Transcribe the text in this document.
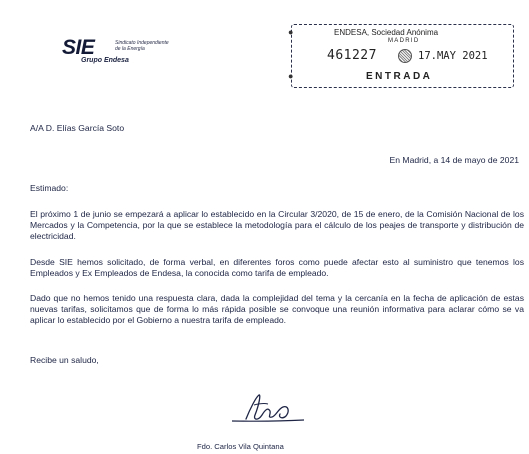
SIE	Sindicato Independiente de la Energía
Grupo Endesa
●
●
ENDESA, Sociedad Anónima
MADRID
461227	17.MAY 2021
ENTRADA
A/A D. Elías García Soto
En Madrid, a 14 de mayo de 2021
Estimado:
El próximo 1 de junio se empezará a aplicar lo establecido en la Circular 3/2020, de 15 de enero, de la Comisión Nacional de los Mercados y la Competencia, por la que se establece la metodología para el cálculo de los peajes de transporte y distribución de electricidad.
Desde SIE hemos solicitado, de forma verbal, en diferentes foros como puede afectar esto al suministro que tenemos los Empleados y Ex Empleados de Endesa, la conocida como tarifa de empleado.
Dado que no hemos tenido una respuesta clara, dada la complejidad del tema y la cercanía en la fecha de aplicación de estas nuevas tarifas, solicitamos que de forma lo más rápida posible se convoque una reunión informativa para aclarar cómo se va aplicar lo establecido por el Gobierno a nuestra tarifa de empleado.
Recibe un saludo,
Fdo. Carlos Vila Quintana
